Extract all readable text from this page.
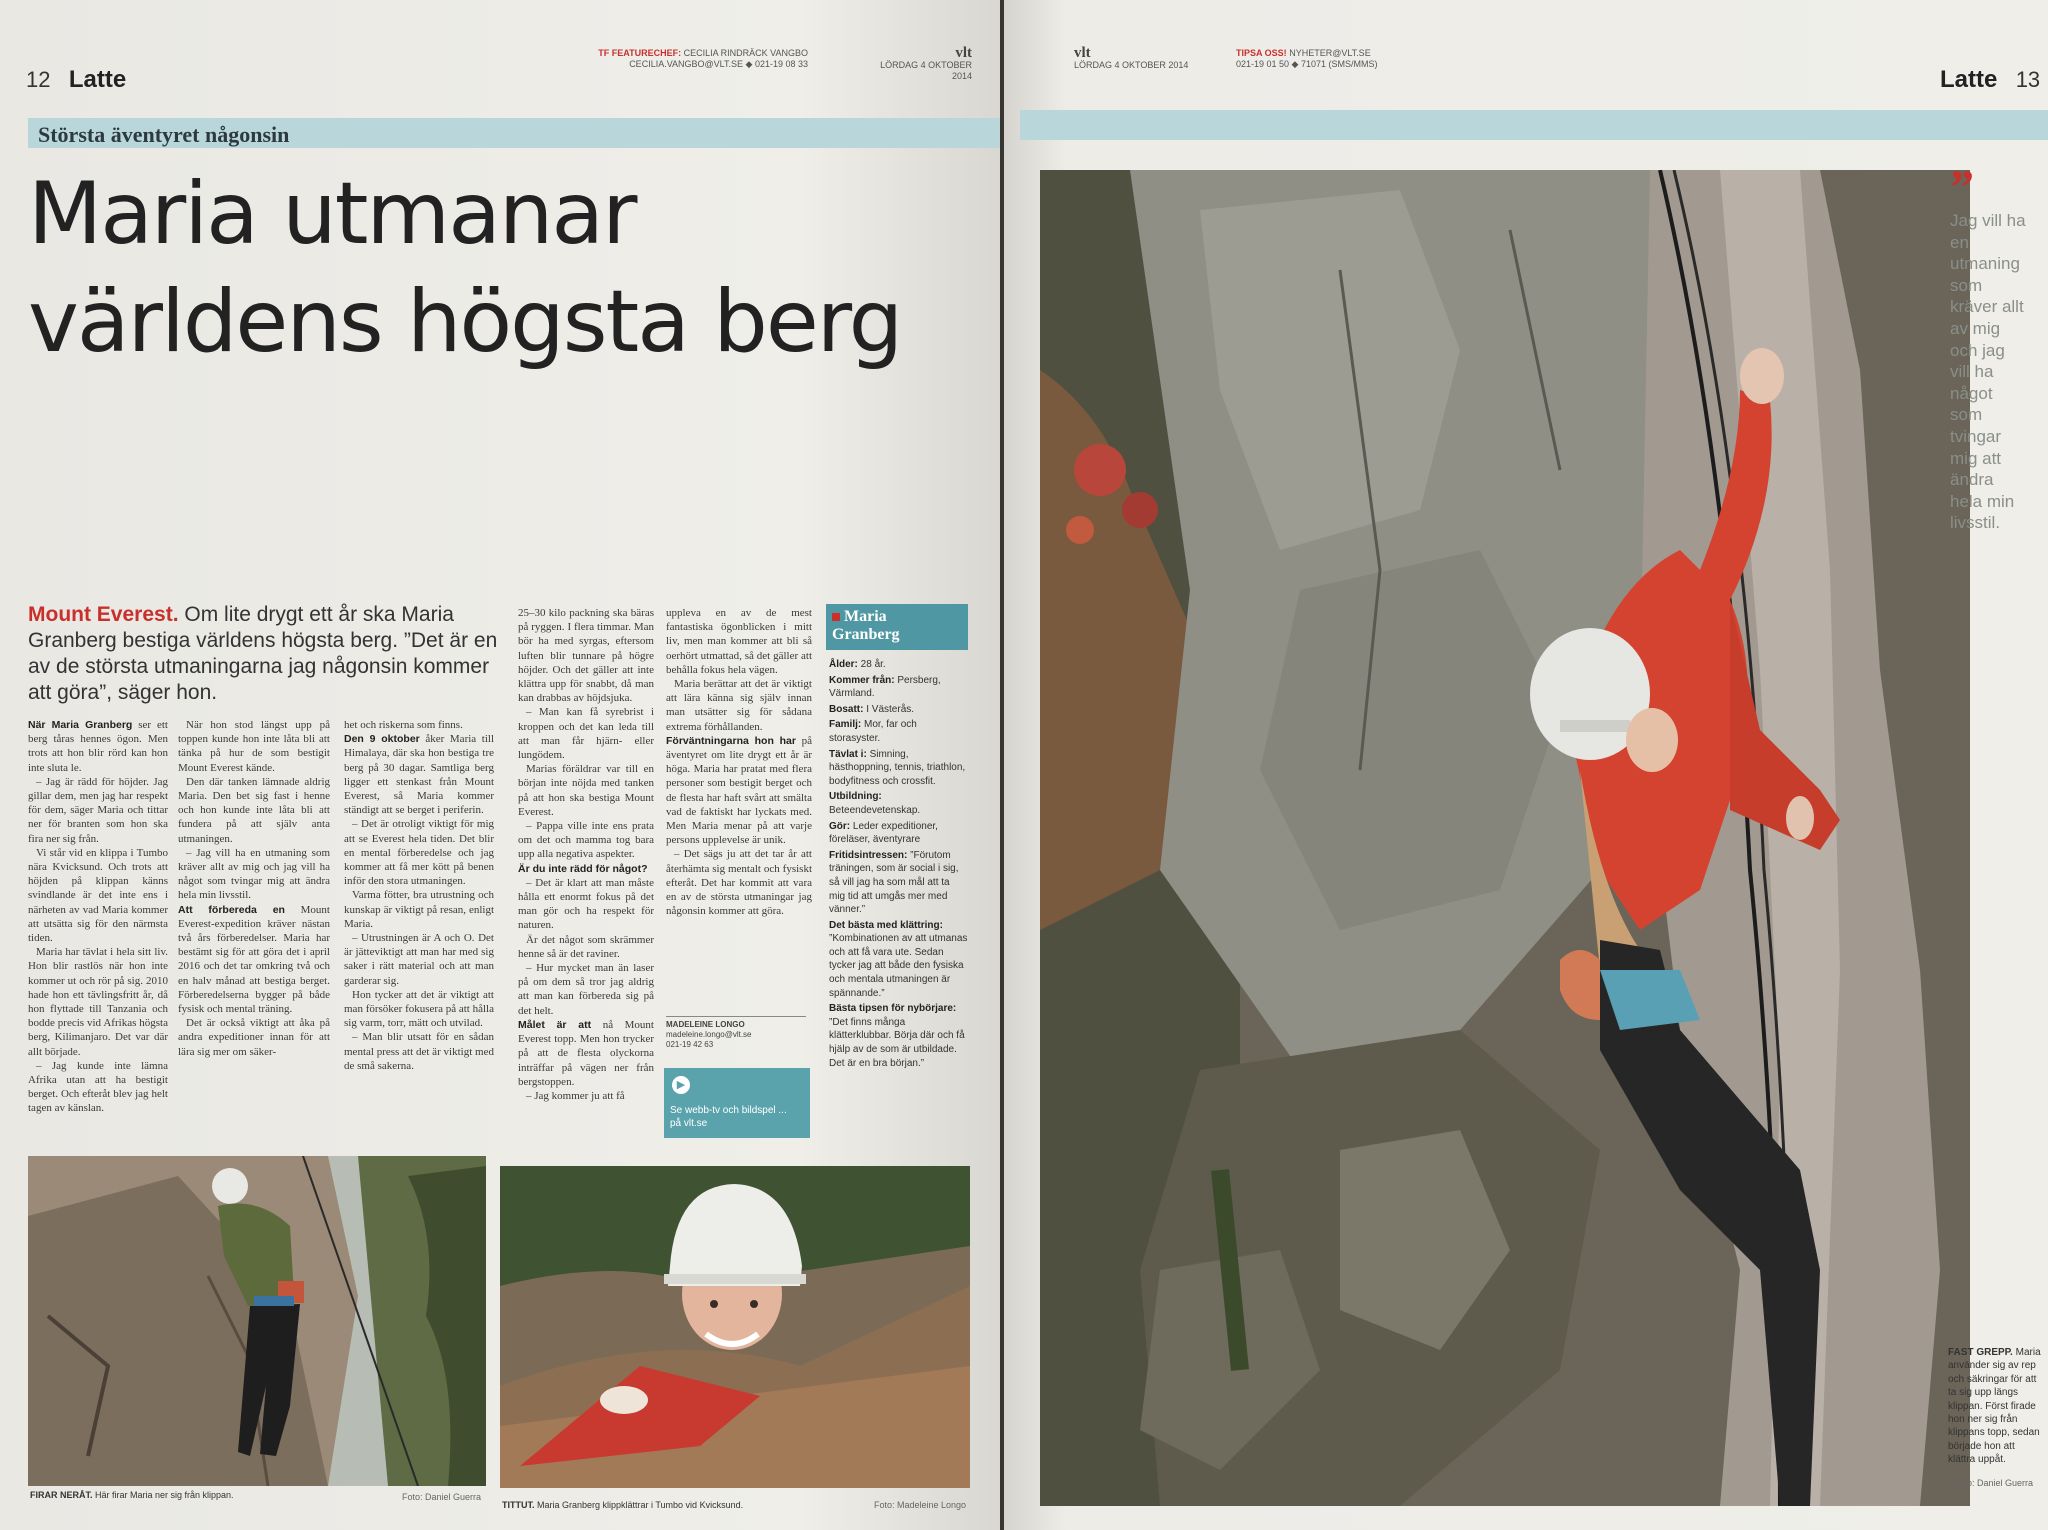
12 Latte
TF FEATURECHEF: CECILIA RINDRÄCK VANGBO
CECILIA.VANGBO@VLT.SE ◆ 021-19 08 33
vlt
LÖRDAG 4 OKTOBER 2014
Största äventyret någonsin
Maria utmanar
världens högsta berg
Mount Everest. Om lite drygt ett år ska Maria Granberg bestiga världens högsta berg. ”Det är en av de största utmaningarna jag någonsin kommer att göra”, säger hon.

När Maria Granberg ser ett berg tåras hennes ögon. Men trots att hon blir rörd kan hon inte sluta le.

– Jag är rädd för höjder. Jag gillar dem, men jag har respekt för dem, säger Maria och tittar ner för branten som hon ska fira ner sig från.

Vi står vid en klippa i Tumbo nära Kvicksund. Och trots att höjden på klippan känns svindlande är det inte ens i närheten av vad Maria kommer att utsätta sig för den närmsta tiden.

Maria har tävlat i hela sitt liv. Hon blir rastlös när hon inte kommer ut och rör på sig. 2010 hade hon ett tävlingsfritt år, då hon flyttade till Tanzania och bodde precis vid Afrikas högsta berg, Kilimanjaro. Det var där allt började.

– Jag kunde inte lämna Afrika utan att ha bestigit berget. Och efteråt blev jag helt tagen av känslan.

När hon stod längst upp på toppen kunde hon inte låta bli att tänka på hur de som bestigit Mount Everest kände.

Den där tanken lämnade aldrig Maria. Den bet sig fast i henne och hon kunde inte låta bli att fundera på att själv anta utmaningen.

– Jag vill ha en utmaning som kräver allt av mig och jag vill ha något som tvingar mig att ändra hela min livsstil.

Att förbereda en Mount Everest-expedition kräver nästan två års förberedelser. Maria har bestämt sig för att göra det i april 2016 och det tar omkring två och en halv månad att bestiga berget. Förberedelserna bygger på både fysisk och mental träning.

Det är också viktigt att åka på andra expeditioner innan för att lära sig mer om säker-

het och riskerna som finns.

Den 9 oktober åker Maria till Himalaya, där ska hon bestiga tre berg på 30 dagar. Samtliga berg ligger ett stenkast från Mount Everest, så Maria kommer ständigt att se berget i periferin.

– Det är otroligt viktigt för mig att se Everest hela tiden. Det blir en mental förberedelse och jag kommer att få mer kött på benen inför den stora utmaningen.

Varma fötter, bra utrustning och kunskap är viktigt på resan, enligt Maria.

– Utrustningen är A och O. Det är jätteviktigt att man har med sig saker i rätt material och att man garderar sig.

Hon tycker att det är viktigt att man försöker fokusera på att hålla sig varm, torr, mätt och utvilad.

– Man blir utsatt för en sådan mental press att det är viktigt med de små sakerna.

25–30 kilo packning ska bäras på ryggen. I flera timmar. Man bör ha med syrgas, eftersom luften blir tunnare på högre höjder. Och det gäller att inte klättra upp för snabbt, då man kan drabbas av höjdsjuka.

– Man kan få syrebrist i kroppen och det kan leda till att man får hjärn- eller lungödem.

Marias föräldrar var till en början inte nöjda med tanken på att hon ska bestiga Mount Everest.

– Pappa ville inte ens prata om det och mamma tog bara upp alla negativa aspekter.

Är du inte rädd för något?

– Det är klart att man måste hålla ett enormt fokus på det man gör och ha respekt för naturen.

Är det något som skrämmer henne så är det raviner.

– Hur mycket man än laser på om dem så tror jag aldrig att man kan förbereda sig på det helt.

Målet är att nå Mount Everest topp. Men hon trycker på att de flesta olyckorna inträffar på vägen ner från bergstoppen.

– Jag kommer ju att få

uppleva en av de mest fantastiska ögonblicken i mitt liv, men man kommer att bli så oerhört utmattad, så det gäller att behålla fokus hela vägen.

Maria berättar att det är viktigt att lära känna sig själv innan man utsätter sig för sådana extrema förhållanden.

Förväntningarna hon har på äventyret om lite drygt ett år är höga. Maria har pratat med flera personer som bestigit berget och de flesta har haft svårt att smälta vad de faktiskt har lyckats med. Men Maria menar på att varje persons upplevelse är unik.

– Det sägs ju att det tar år att återhämta sig mentalt och fysiskt efteråt. Det har kommit att vara en av de största utmaningar jag någonsin kommer att göra.

MADELEINE LONGO
madeleine.longo@vlt.se
021-19 42 63
▶
Se webb-tv och bildspel ... på vlt.se
Maria
Granberg
Ålder: 28 år.
Kommer från: Persberg, Värmland.
Bosatt: I Västerås.
Familj: Mor, far och storasyster.
Tävlat i: Simning, hästhoppning, tennis, triathlon, bodyfitness och crossfit.
Utbildning: Beteendevetenskap.
Gör: Leder expeditioner, föreläser, äventyrare
Fritidsintressen: ”Förutom träningen, som är social i sig, så vill jag ha som mål att ta mig tid att umgås mer med vänner.”
Det bästa med klättring: ”Kombinationen av att utmanas och att få vara ute. Sedan tycker jag att både den fysiska och mentala utmaningen är spännande.”
Bästa tipsen för nybörjare: ”Det finns många klätterklubbar. Börja där och få hjälp av de som är utbildade. Det är en bra början.”
FIRAR NERÅT. Här firar Maria ner sig från klippan.	Foto: Daniel Guerra
TITTUT. Maria Granberg klippklättrar i Tumbo vid Kvicksund.	Foto: Madeleine Longo
vlt
LÖRDAG 4 OKTOBER 2014
TIPSA OSS! NYHETER@VLT.SE
021-19 01 50 ◆ 71071 (SMS/MMS)
Latte 13
”
Jag vill ha en utmaning som kräver allt av mig och jag vill ha något som tvingar mig att ändra hela min livsstil.
FAST GREPP. Maria använder sig av rep och säkringar för att ta sig upp längs klippan. Först firade hon ner sig från klippans topp, sedan började hon att klättra uppåt.
Foto: Daniel Guerra
